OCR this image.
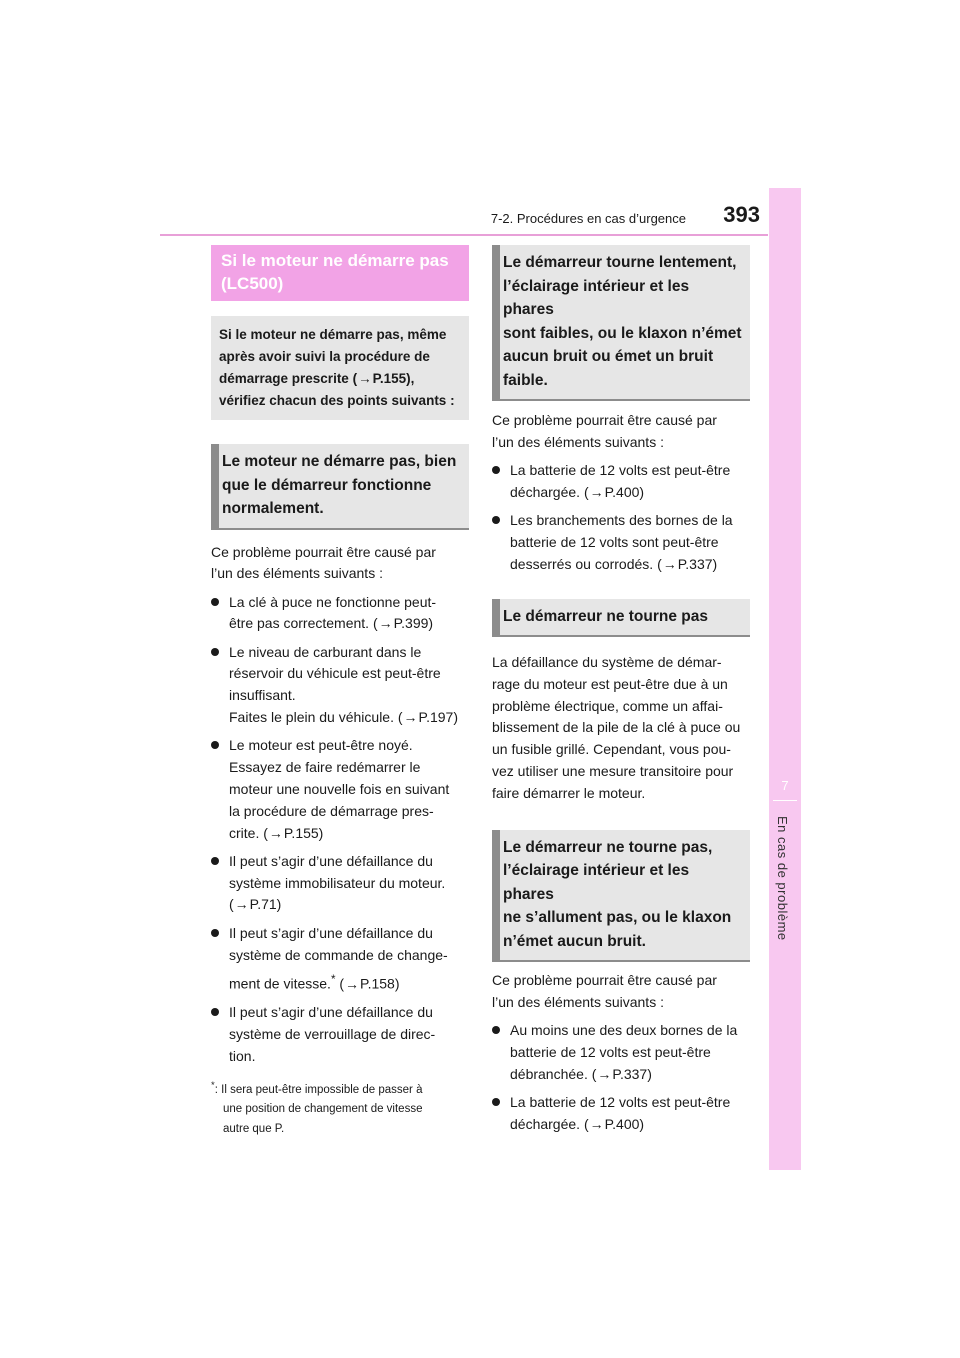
7-2. Procédures en cas d’urgence 393
7
En cas de problème
Si le moteur ne démarre pas
(LC500)
Si le moteur ne démarre pas, même
après avoir suivi la procédure de
démarrage prescrite (→P.155),
vérifiez chacun des points suivants :
Le moteur ne démarre pas, bien
que le démarreur fonctionne
normalement.
Ce problème pourrait être causé par
l’un des éléments suivants :
La clé à puce ne fonctionne peut-
être pas correctement. (→P.399)
Le niveau de carburant dans le
réservoir du véhicule est peut-être
insuffisant.
Faites le plein du véhicule. (→P.197)
Le moteur est peut-être noyé.
Essayez de faire redémarrer le
moteur une nouvelle fois en suivant
la procédure de démarrage pres-
crite. (→P.155)
Il peut s’agir d’une défaillance du
système immobilisateur du moteur.
(→P.71)
Il peut s’agir d’une défaillance du
système de commande de change-
ment de vitesse.* (→P.158)
Il peut s’agir d’une défaillance du
système de verrouillage de direc-
tion.
*: Il sera peut-être impossible de passer à
une position de changement de vitesse
autre que P.
Le démarreur tourne lentement,
l’éclairage intérieur et les phares
sont faibles, ou le klaxon n’émet
aucun bruit ou émet un bruit
faible.
Ce problème pourrait être causé par
l’un des éléments suivants :
La batterie de 12 volts est peut-être
déchargée. (→P.400)
Les branchements des bornes de la
batterie de 12 volts sont peut-être
desserrés ou corrodés. (→P.337)
Le démarreur ne tourne pas
La défaillance du système de démar-
rage du moteur est peut-être due à un
problème électrique, comme un affai-
blissement de la pile de la clé à puce ou
un fusible grillé. Cependant, vous pou-
vez utiliser une mesure transitoire pour
faire démarrer le moteur.
Le démarreur ne tourne pas,
l’éclairage intérieur et les phares
ne s’allument pas, ou le klaxon
n’émet aucun bruit.
Ce problème pourrait être causé par
l’un des éléments suivants :
Au moins une des deux bornes de la
batterie de 12 volts est peut-être
débranchée. (→P.337)
La batterie de 12 volts est peut-être
déchargée. (→P.400)
